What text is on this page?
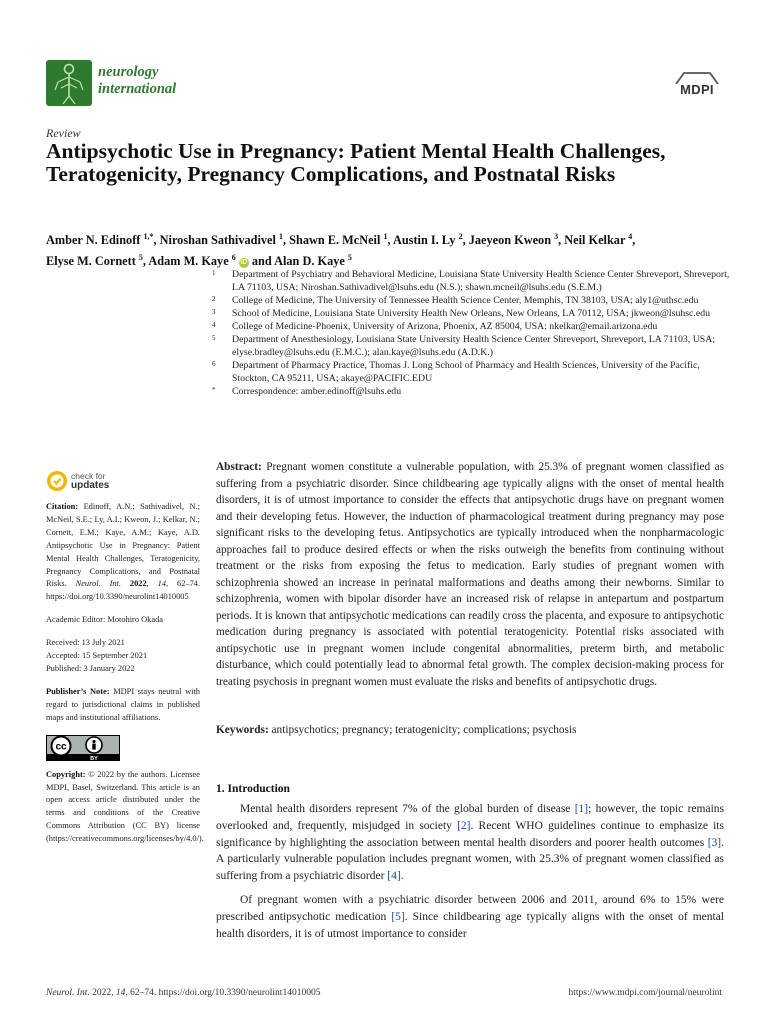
neurology
international	MDPI
Review
Antipsychotic Use in Pregnancy: Patient Mental Health Challenges, Teratogenicity, Pregnancy Complications, and Postnatal Risks
Amber N. Edinoff $^{1,*}$, Niroshan Sathivadivel $^1$, Shawn E. McNeil $^1$, Austin I. Ly $^2$, Jaeyeon Kweon $^3$, Neil Kelkar $^4$,
Elyse M. Cornett $^5$, Adam M. Kaye $^6$ iD and Alan D. Kaye $^5$
1	Department of Psychiatry and Behavioral Medicine, Louisiana State University Health Science Center Shreveport, Shreveport, LA 71103, USA; Niroshan.Sathivadivel@lsuhs.edu (N.S.); shawn.mcneil@lsuhs.edu (S.E.M.)
2	College of Medicine, The University of Tennessee Health Science Center, Memphis, TN 38103, USA; aly1@uthsc.edu
3	School of Medicine, Louisiana State University Health New Orleans, New Orleans, LA 70112, USA; jkweon@lsuhsc.edu
4	College of Medicine-Phoenix, University of Arizona, Phoenix, AZ 85004, USA; nkelkar@email.arizona.edu
5	Department of Anesthesiology, Louisiana State University Health Science Center Shreveport, Shreveport, LA 71103, USA; elyse.bradley@lsuhs.edu (E.M.C.); alan.kaye@lsuhs.edu (A.D.K.)
6	Department of Pharmacy Practice, Thomas J. Long School of Pharmacy and Health Sciences, University of the Pacific, Stockton, CA 95211, USA; akaye@PACIFIC.EDU
*	Correspondence: amber.edinoff@lsuhs.edu
check for
updates

Citation: Edinoff, A.N.; Sathivadivel, N.; McNeil, S.E.; Ly, A.I.; Kweon, J.; Kelkar, N.; Cornett, E.M.; Kaye, A.M.; Kaye, A.D. Antipsychotic Use in Pregnancy: Patient Mental Health Challenges, Teratogenicity, Pregnancy Complications, and Postnatal Risks. Neurol. Int. 2022, 14, 62–74. https://doi.org/10.3390/neurolint14010005

Academic Editor: Motohiro Okada

Received: 13 July 2021
Accepted: 15 September 2021
Published: 3 January 2022

Publisher’s Note: MDPI stays neutral with regard to jurisdictional claims in published maps and institutional affiliations.

cc
BY

Copyright: © 2022 by the authors. Licensee MDPI, Basel, Switzerland. This article is an open access article distributed under the terms and conditions of the Creative Commons Attribution (CC BY) license (https://creativecommons.org/licenses/by/4.0/).

Abstract: Pregnant women constitute a vulnerable population, with 25.3% of pregnant women classified as suffering from a psychiatric disorder. Since childbearing age typically aligns with the onset of mental health disorders, it is of utmost importance to consider the effects that antipsychotic drugs have on pregnant women and their developing fetus. However, the induction of pharmacological treatment during pregnancy may pose significant risks to the developing fetus. Antipsychotics are typically introduced when the nonpharmacologic approaches fail to produce desired effects or when the risks outweigh the benefits from continuing without treatment or the risks from exposing the fetus to medication. Early studies of pregnant women with schizophrenia showed an increase in perinatal malformations and deaths among their newborns. Similar to schizophrenia, women with bipolar disorder have an increased risk of relapse in antepartum and postpartum periods. It is known that antipsychotic medications can readily cross the placenta, and exposure to antipsychotic medication during pregnancy is associated with potential teratogenicity. Potential risks associated with antipsychotic use in pregnant women include congenital abnormalities, preterm birth, and metabolic disturbance, which could potentially lead to abnormal fetal growth. The complex decision-making process for treating psychosis in pregnant women must evaluate the risks and benefits of antipsychotic drugs.

Keywords: antipsychotics; pregnancy; teratogenicity; complications; psychosis

1. Introduction

Mental health disorders represent 7% of the global burden of disease [1]; however, the topic remains overlooked and, frequently, misjudged in society [2]. Recent WHO guidelines continue to emphasize its significance by highlighting the association between mental health disorders and poorer health outcomes [3]. A particularly vulnerable population includes pregnant women, with 25.3% of pregnant women classified as suffering from a psychiatric disorder [4].

Of pregnant women with a psychiatric disorder between 2006 and 2011, around 6% to 15% were prescribed antipsychotic medication [5]. Since childbearing age typically aligns with the onset of mental health disorders, it is of utmost importance to consider

Neurol. Int. 2022, 14, 62–74. https://doi.org/10.3390/neurolint14010005	https://www.mdpi.com/journal/neurolint
